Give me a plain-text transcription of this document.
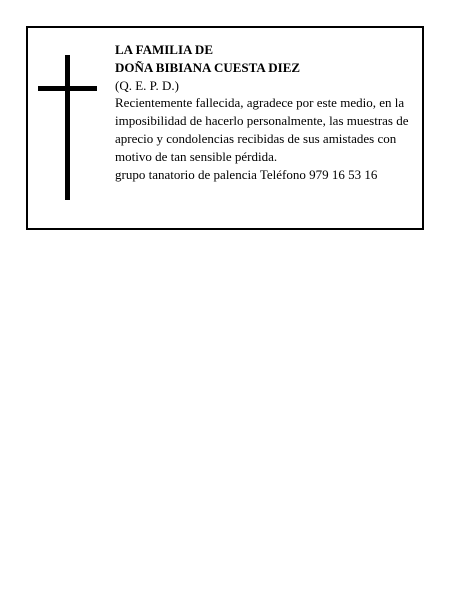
LA FAMILIA DE
DOÑA BIBIANA CUESTA DIEZ
(Q. E. P. D.)
Recientemente fallecida, agradece por este medio, en la imposibilidad de hacerlo personalmente, las muestras de aprecio y condolencias recibidas de sus amistades con motivo de tan sensible pérdida.
grupo tanatorio de palencia Teléfono 979 16 53 16
